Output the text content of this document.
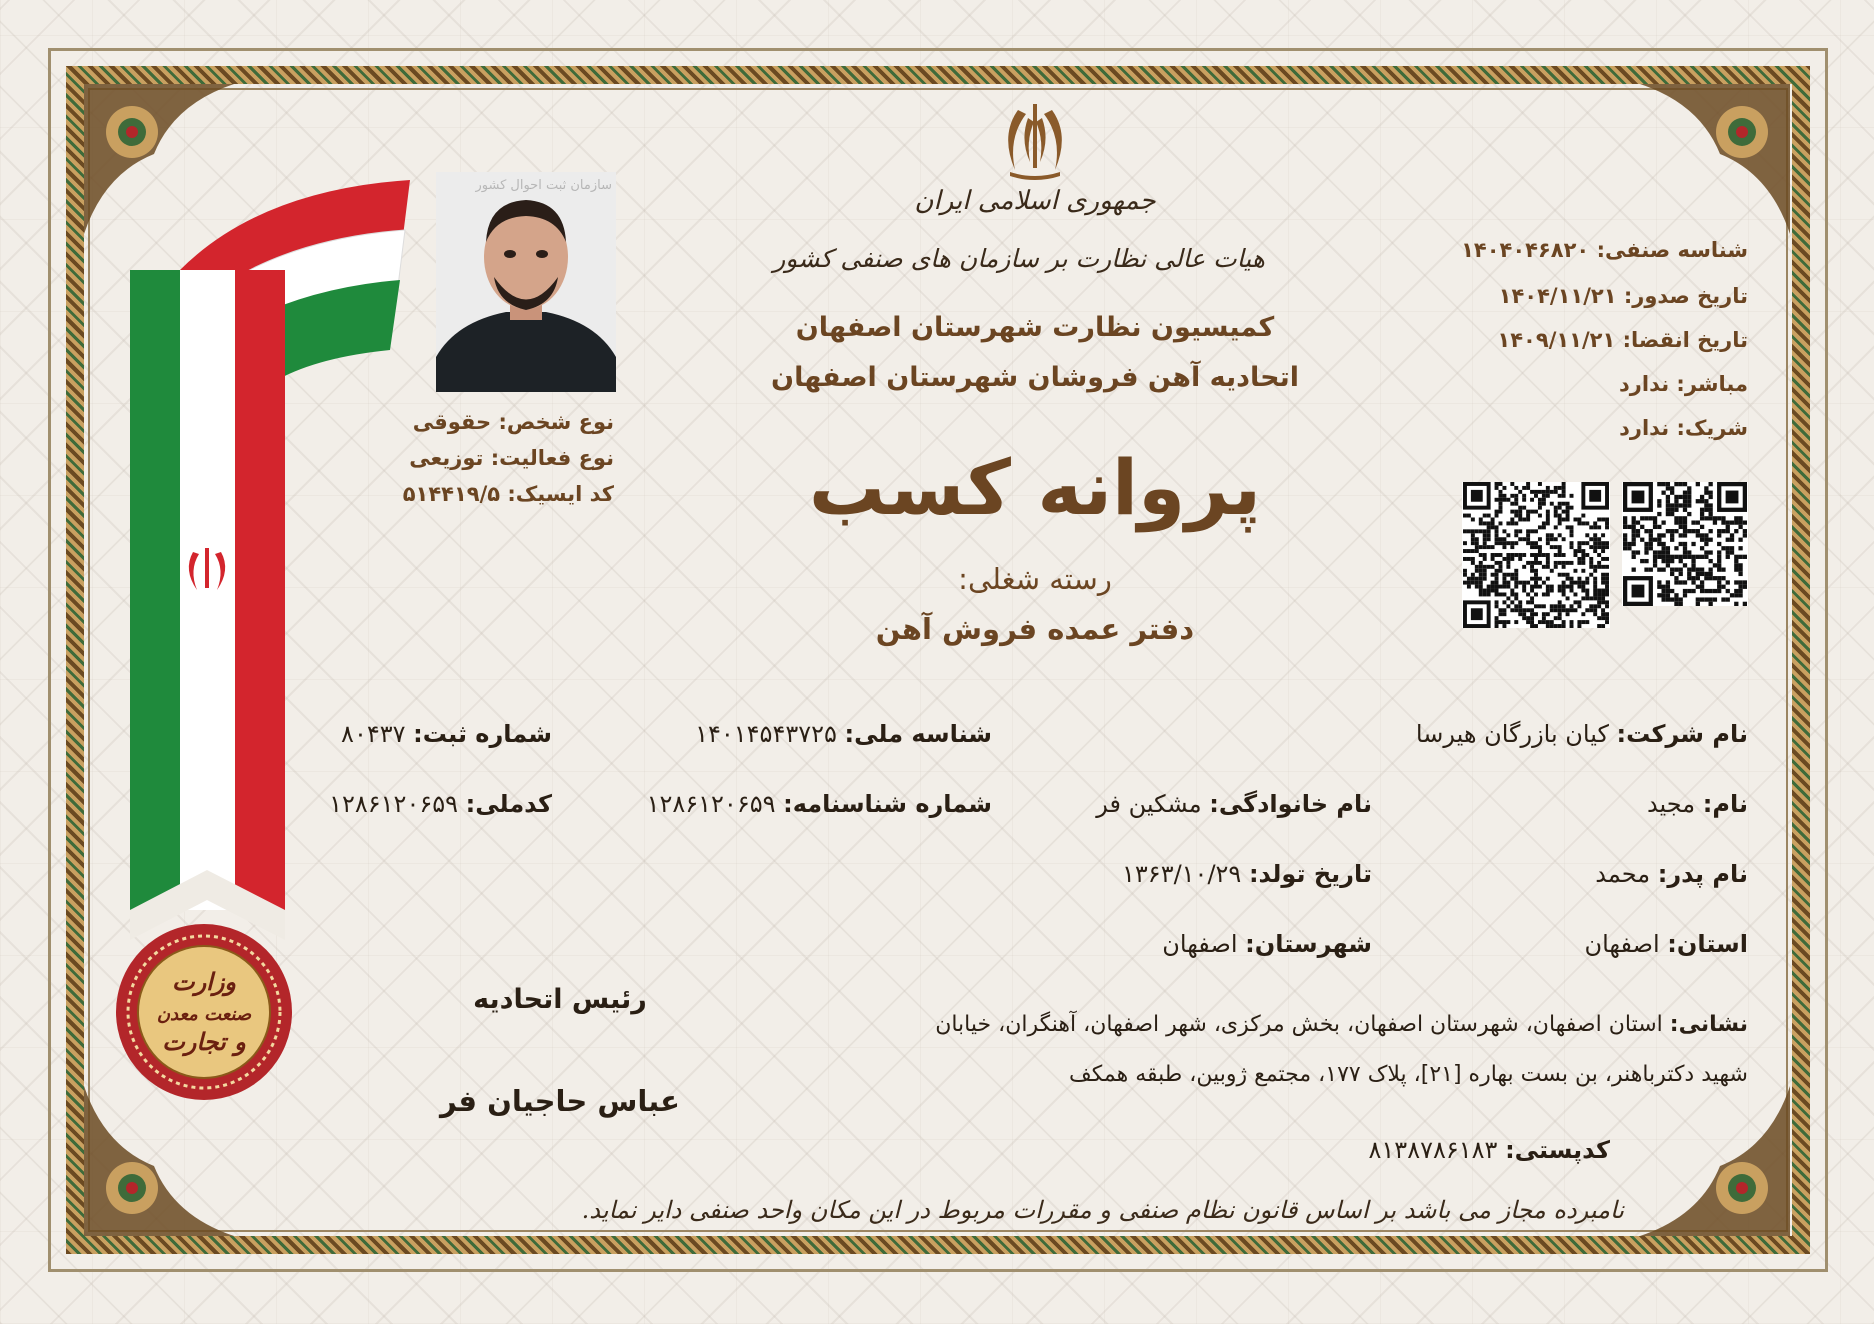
وزارت
صنعت معدن
و تجارت
جمهوری اسلامی ایران
هیات عالی نظارت بر سازمان های صنفی کشور
کمیسیون نظارت شهرستان اصفهان
اتحادیه آهن فروشان شهرستان اصفهان
پروانه کسب
رسته شغلی:
دفتر عمده فروش آهن
شناسه صنفی: ۱۴۰۴۰۴۶۸۲۰
تاریخ صدور: ۱۴۰۴/۱۱/۲۱
تاریخ انقضا: ۱۴۰۹/۱۱/۲۱
مباشر: ندارد
شریک: ندارد
سازمان ثبت احوال کشور
نوع شخص: حقوقی
نوع فعالیت: توزیعی
کد ایسیک: ۵۱۴۴۱۹/۵
نام شرکت: کیان بازرگان هیرسا
شناسه ملی: ۱۴۰۱۴۵۴۳۷۲۵
شماره ثبت: ۸۰۴۳۷
نام: مجید
نام خانوادگی: مشکین فر
شماره شناسنامه: ۱۲۸۶۱۲۰۶۵۹
کدملی: ۱۲۸۶۱۲۰۶۵۹
نام پدر: محمد
تاریخ تولد: ۱۳۶۳/۱۰/۲۹
استان: اصفهان
شهرستان: اصفهان
نشانی: استان اصفهان، شهرستان اصفهان، بخش مرکزی، شهر اصفهان، آهنگران، خیابان
شهید دکترباهنر، بن بست بهاره [۲۱]، پلاک ۱۷۷، مجتمع ژوبین، طبقه همکف
کدپستی: ۸۱۳۸۷۸۶۱۸۳
رئیس اتحادیه
عباس حاجیان فر
نامبرده مجاز می باشد بر اساس قانون نظام صنفی و مقررات مربوط در این مکان واحد صنفی دایر نماید.
